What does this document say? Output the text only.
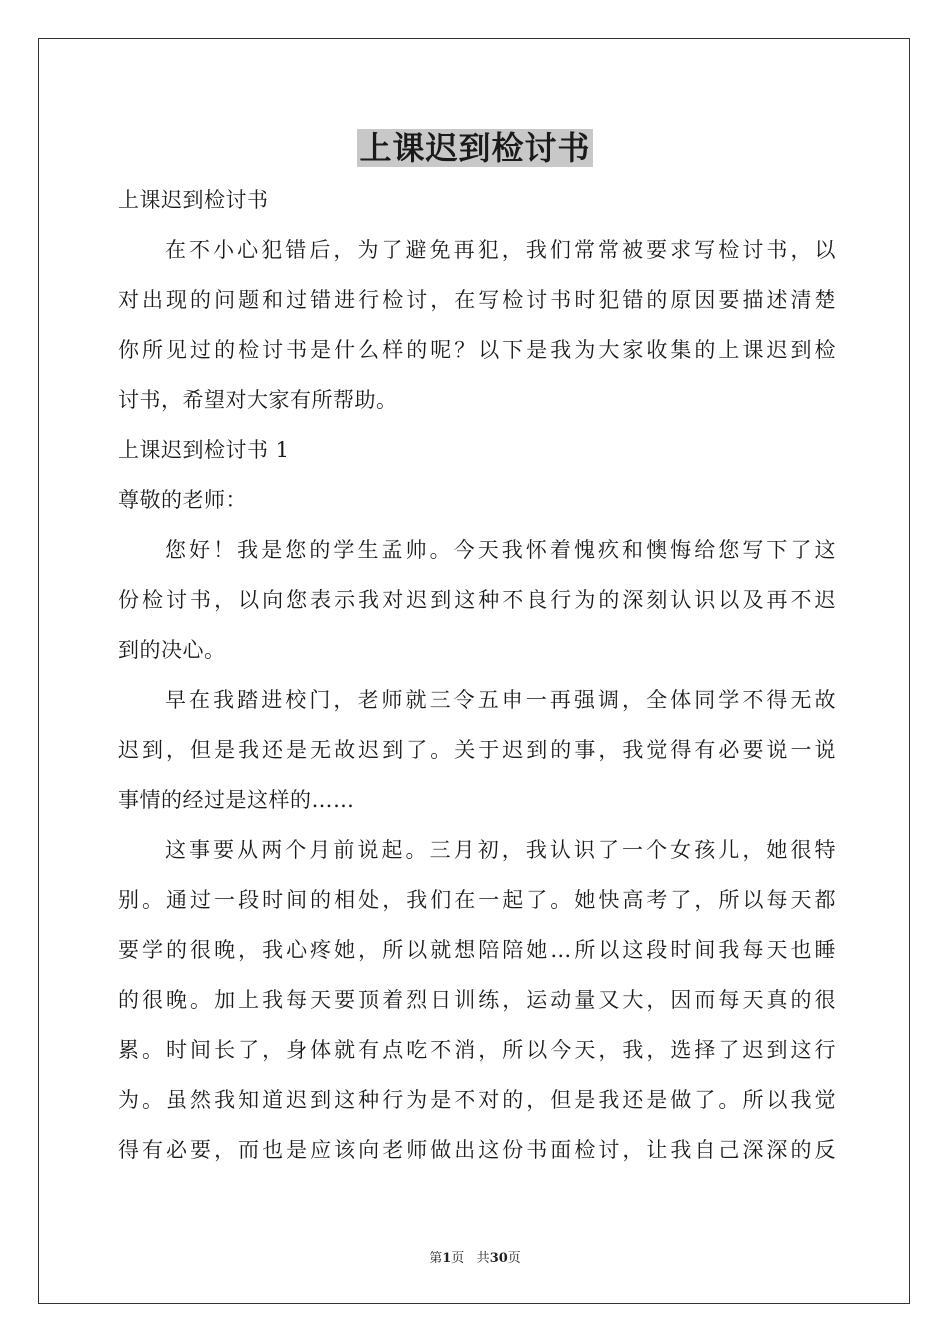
上课迟到检讨书

上课迟到检讨书

在不小心犯错后，为了避免再犯，我们常常被要求写检讨书，以

对出现的问题和过错进行检讨，在写检讨书时犯错的原因要描述清楚

你所见过的检讨书是什么样的呢？以下是我为大家收集的上课迟到检

讨书，希望对大家有所帮助。

上课迟到检讨书 1

尊敬的老师：

您好！我是您的学生孟帅。今天我怀着愧疚和懊悔给您写下了这

份检讨书，以向您表示我对迟到这种不良行为的深刻认识以及再不迟

到的决心。

早在我踏进校门，老师就三令五申一再强调，全体同学不得无故

迟到，但是我还是无故迟到了。关于迟到的事，我觉得有必要说一说

事情的经过是这样的……

这事要从两个月前说起。三月初，我认识了一个女孩儿，她很特

别。通过一段时间的相处，我们在一起了。她快高考了，所以每天都

要学的很晚，我心疼她，所以就想陪陪她…所以这段时间我每天也睡

的很晚。加上我每天要顶着烈日训练，运动量又大，因而每天真的很

累。时间长了，身体就有点吃不消，所以今天，我，选择了迟到这行

为。虽然我知道迟到这种行为是不对的，但是我还是做了。所以我觉

得有必要，而也是应该向老师做出这份书面检讨，让我自己深深的反

第1页 共30页
